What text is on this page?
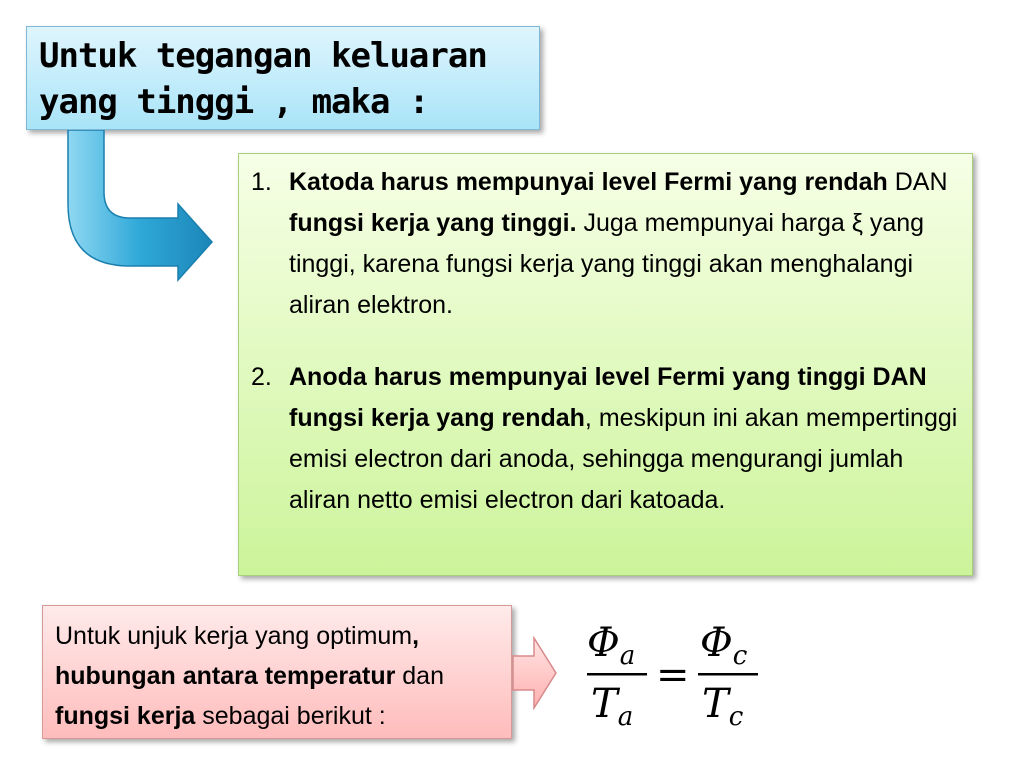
Untuk tegangan keluaran
yang tinggi , maka :
1. Katoda harus mempunyai level Fermi yang rendah DAN fungsi kerja yang tinggi. Juga mempunyai harga ξ yang tinggi, karena fungsi kerja yang tinggi akan menghalangi aliran elektron.
2. Anoda harus mempunyai level Fermi yang tinggi DAN fungsi kerja yang rendah, meskipun ini akan mempertinggi emisi electron dari anoda, sehingga mengurangi jumlah aliran netto emisi electron dari katoada.
Untuk unjuk kerja yang optimum,
hubungan antara temperatur dan
fungsi kerja sebagai berikut :
$\Phi_a$
$T_a$
=
$\Phi_c$
$T_c$
